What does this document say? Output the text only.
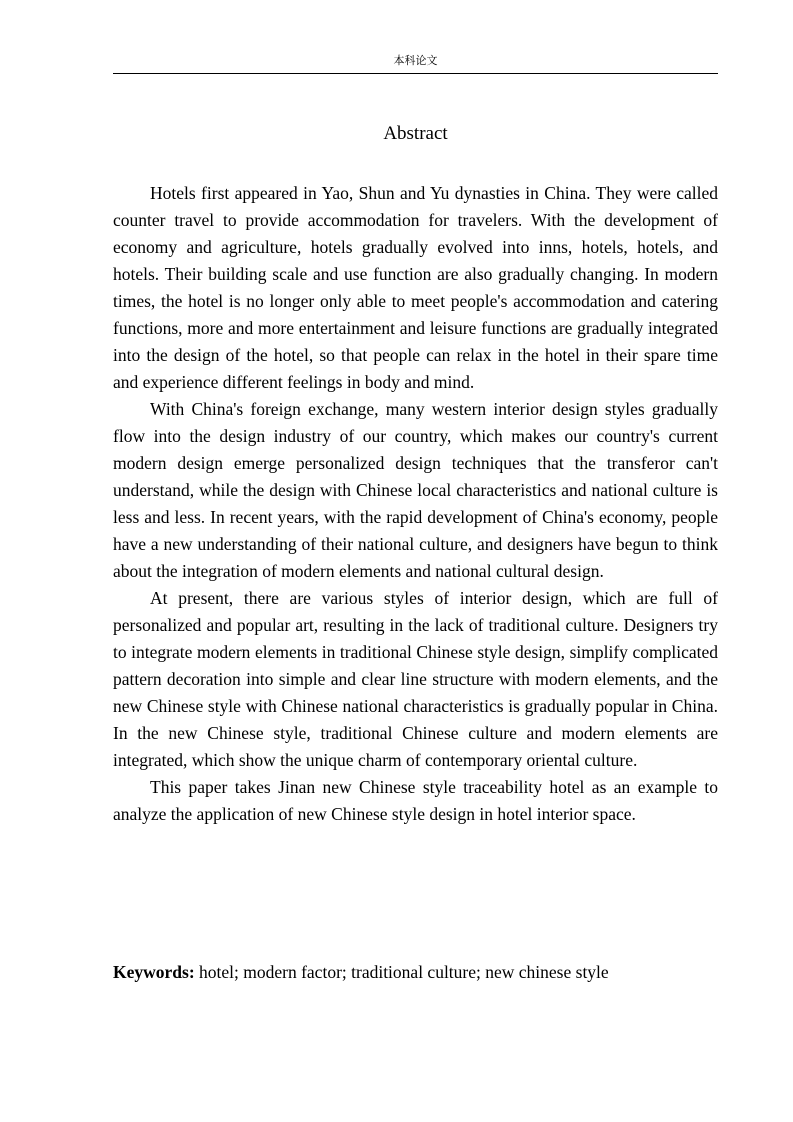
本科论文
Abstract

Hotels first appeared in Yao, Shun and Yu dynasties in China. They were called counter travel to provide accommodation for travelers. With the development of economy and agriculture, hotels gradually evolved into inns, hotels, hotels, and hotels. Their building scale and use function are also gradually changing. In modern times, the hotel is no longer only able to meet people's accommodation and catering functions, more and more entertainment and leisure functions are gradually integrated into the design of the hotel, so that people can relax in the hotel in their spare time and experience different feelings in body and mind.

With China's foreign exchange, many western interior design styles gradually flow into the design industry of our country, which makes our country's current modern design emerge personalized design techniques that the transferor can't understand, while the design with Chinese local characteristics and national culture is less and less. In recent years, with the rapid development of China's economy, people have a new understanding of their national culture, and designers have begun to think about the integration of modern elements and national cultural design.

At present, there are various styles of interior design, which are full of personalized and popular art, resulting in the lack of traditional culture. Designers try to integrate modern elements in traditional Chinese style design, simplify complicated pattern decoration into simple and clear line structure with modern elements, and the new Chinese style with Chinese national characteristics is gradually popular in China. In the new Chinese style, traditional Chinese culture and modern elements are integrated, which show the unique charm of contemporary oriental culture.

This paper takes Jinan new Chinese style traceability hotel as an example to analyze the application of new Chinese style design in hotel interior space.

Keywords: hotel; modern factor; traditional culture; new chinese style
